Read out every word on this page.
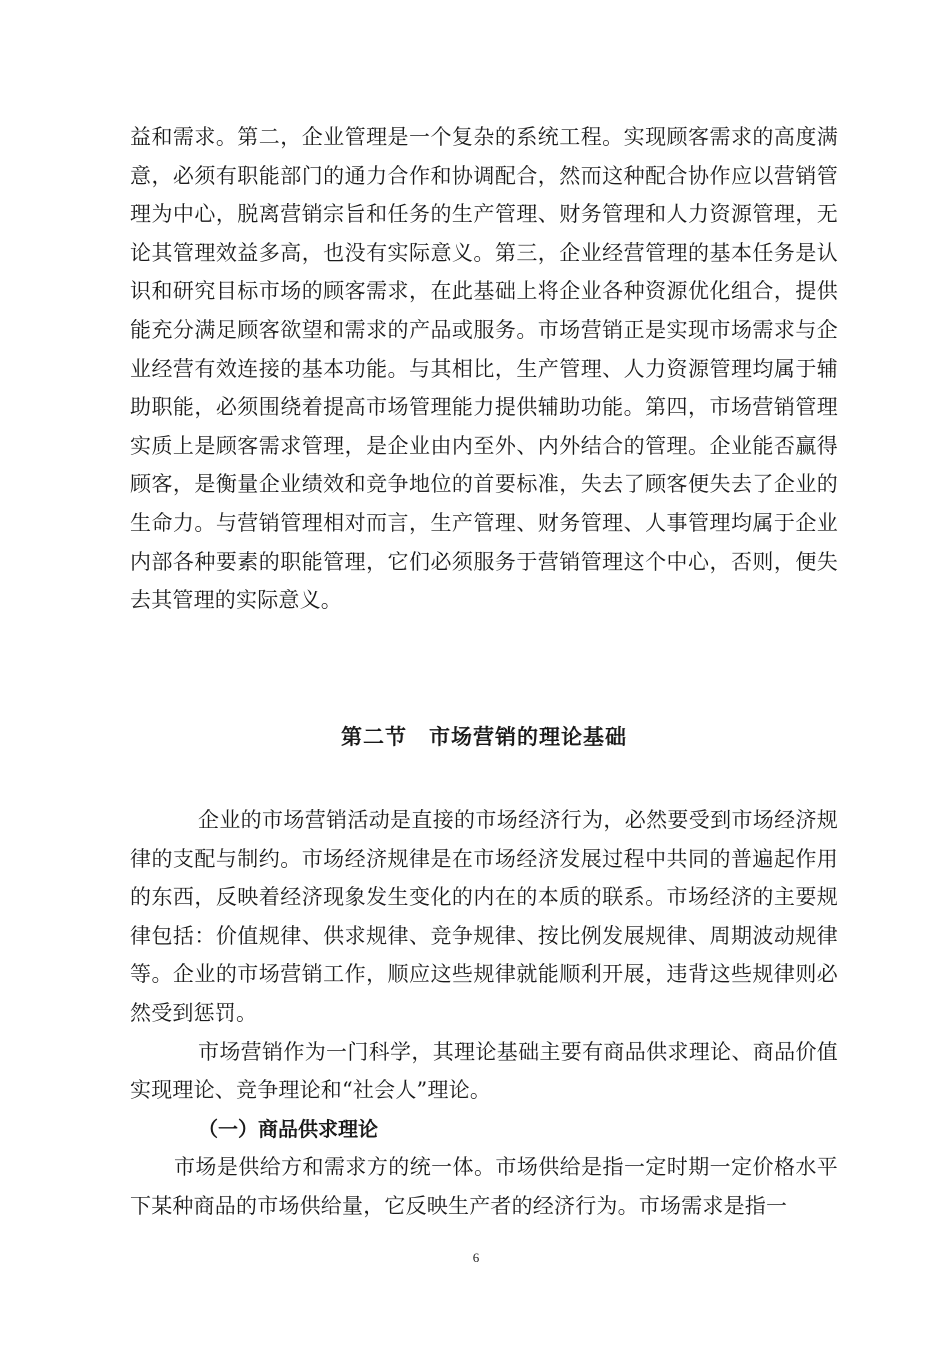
益和需求。第二，企业管理是一个复杂的系统工程。实现顾客需求的高度满意，必须有职能部门的通力合作和协调配合，然而这种配合协作应以营销管理为中心，脱离营销宗旨和任务的生产管理、财务管理和人力资源管理，无论其管理效益多高，也没有实际意义。第三，企业经营管理的基本任务是认识和研究目标市场的顾客需求，在此基础上将企业各种资源优化组合，提供能充分满足顾客欲望和需求的产品或服务。市场营销正是实现市场需求与企业经营有效连接的基本功能。与其相比，生产管理、人力资源管理均属于辅助职能，必须围绕着提高市场管理能力提供辅助功能。第四，市场营销管理实质上是顾客需求管理，是企业由内至外、内外结合的管理。企业能否赢得顾客，是衡量企业绩效和竞争地位的首要标准，失去了顾客便失去了企业的生命力。与营销管理相对而言，生产管理、财务管理、人事管理均属于企业内部各种要素的职能管理，它们必须服务于营销管理这个中心，否则，便失去其管理的实际意义。

第二节　市场营销的理论基础

企业的市场营销活动是直接的市场经济行为，必然要受到市场经济规律的支配与制约。市场经济规律是在市场经济发展过程中共同的普遍起作用的东西，反映着经济现象发生变化的内在的本质的联系。市场经济的主要规律包括：价值规律、供求规律、竞争规律、按比例发展规律、周期波动规律等。企业的市场营销工作，顺应这些规律就能顺利开展，违背这些规律则必然受到惩罚。

市场营销作为一门科学，其理论基础主要有商品供求理论、商品价值实现理论、竞争理论和“社会人”理论。

（一）商品供求理论

市场是供给方和需求方的统一体。市场供给是指一定时期一定价格水平下某种商品的市场供给量，它反映生产者的经济行为。市场需求是指一

6
